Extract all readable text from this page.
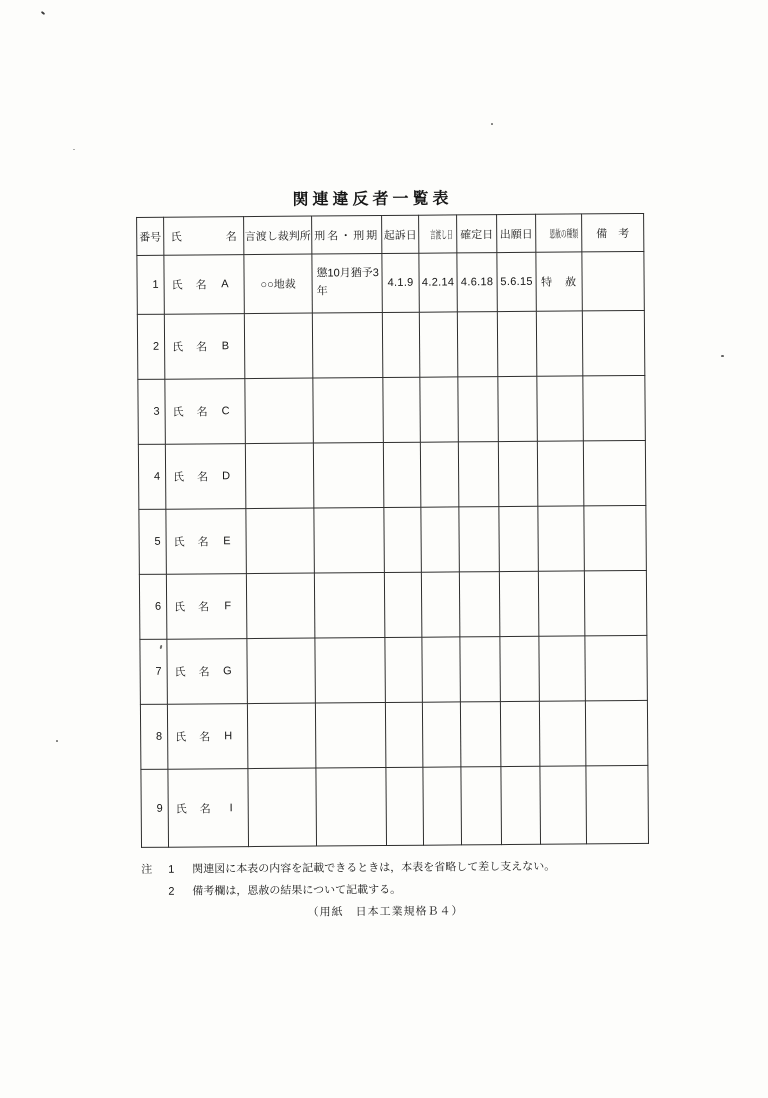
関連違反者一覧表
番号	氏　　　　名	言渡し裁判所	刑名・刑期	起訴日	言渡し日	確定日	出願日	恩赦の種類	備　考
1	氏　名 A	○○地裁	懲10月猶予3年	4.1.9	4.2.14	4.6.18	5.6.15	特　赦	
2	氏　名 B								

3	氏　名 C								

4	氏　名 D								

5	氏　名 E								

6	氏　名 F								

7	氏　名 G								

8	氏　名 H								

9	氏　名 I								

注	1	関連図に本表の内容を記載できるときは，本表を省略して差し支えない。
2	備考欄は，恩赦の結果について記載する。
（用紙　日本工業規格Ｂ４）
